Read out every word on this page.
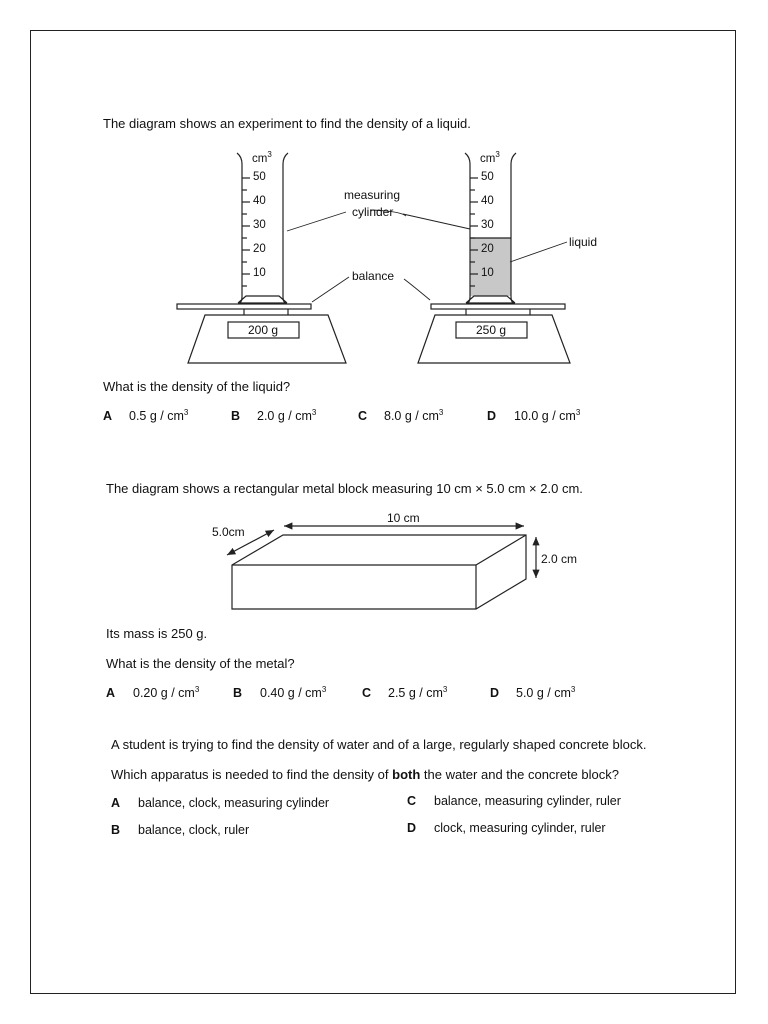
The diagram shows an experiment to find the density of a liquid.
$cm^3$
50
40
30
20
10
$cm^3$
50
40
30
20
10
measuring
cylinder
balance
liquid
200 g	250 g
What is the density of the liquid?
A 0.5 g / $cm^3$	B 2.0 g / $cm^3$	C 8.0 g / $cm^3$	D 10.0 g / $cm^3$
The diagram shows a rectangular metal block measuring 10 cm × 5.0 cm × 2.0 cm.
10 cm
5.0cm
2.0 cm
Its mass is 250 g.
What is the density of the metal?
A 0.20 g / $cm^3$	B 0.40 g / $cm^3$	C 2.5 g / $cm^3$	D 5.0 g / $cm^3$
A student is trying to find the density of water and of a large, regularly shaped concrete block.
Which apparatus is needed to find the density of both the water and the concrete block?
A balance, clock, measuring cylinder
B balance, clock, ruler
C balance, measuring cylinder, ruler
D clock, measuring cylinder, ruler
